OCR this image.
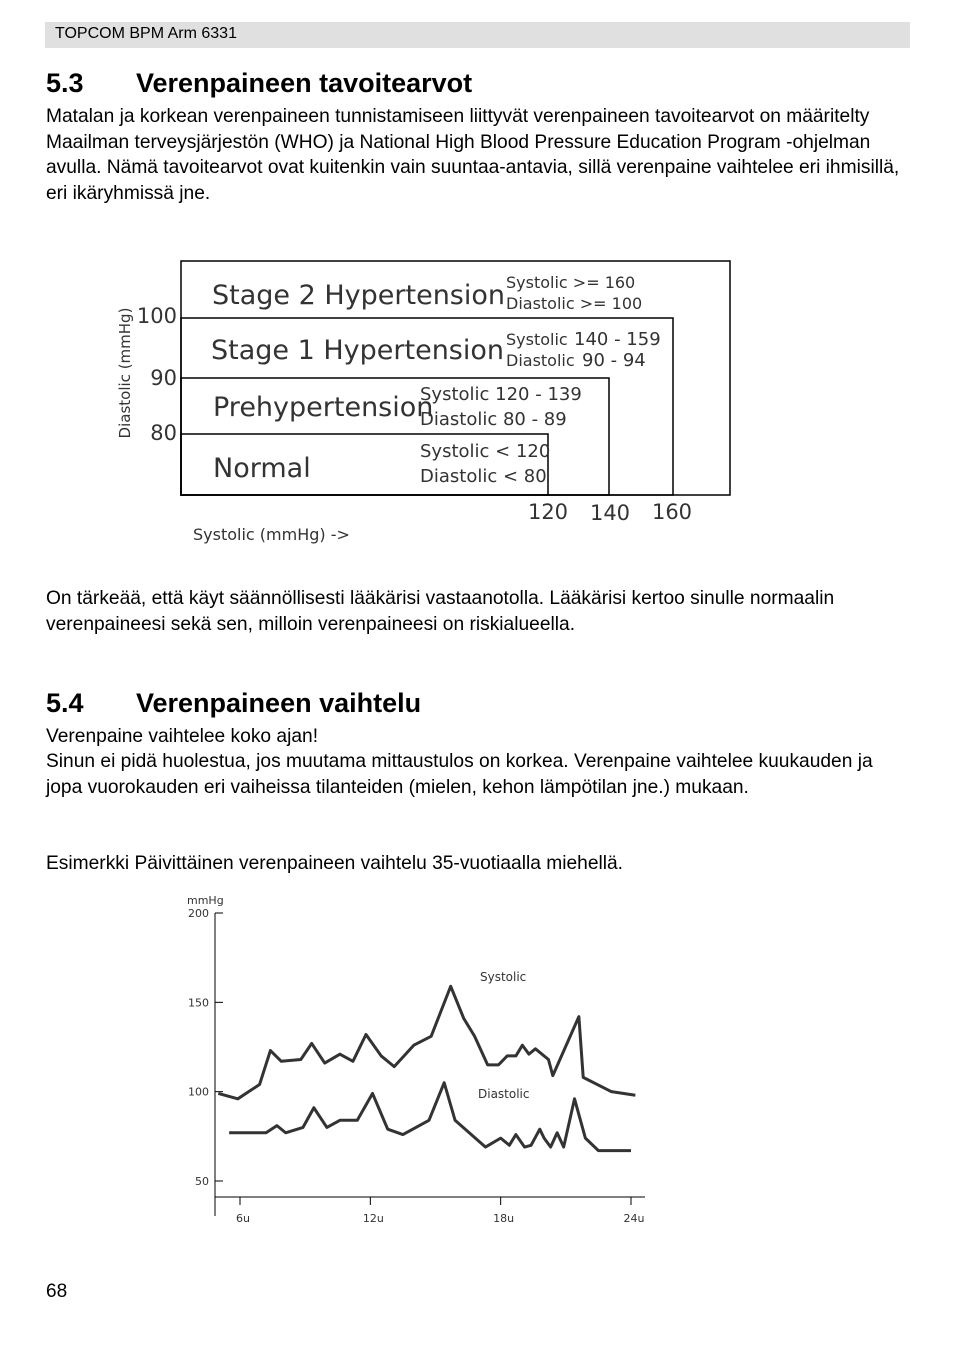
TOPCOM BPM Arm 6331
5.3 Verenpaineen tavoitearvot

Matalan ja korkean verenpaineen tunnistamiseen liittyvät verenpaineen tavoitearvot on määritelty Maailman terveysjärjestön (WHO) ja National High Blood Pressure Education Program -ohjelman avulla. Nämä tavoitearvot ovat kuitenkin vain suuntaa-antavia, sillä verenpaine vaihtelee eri ihmisillä, eri ikäryhmissä jne.

Stage 2 Hypertension
Stage 1 Hypertension
Prehypertension
Normal
Systolic >= 160
Diastolic >= 100
Systolic 140 - 159
Diastolic 90 - 94
Systolic 120 - 139
Diastolic 80 - 89
Systolic < 120
Diastolic < 80
100
90
80
120 140 160
Systolic (mmHg) ->
Diastolic (mmHg)

On tärkeää, että käyt säännöllisesti lääkärisi vastaanotolla. Lääkärisi kertoo sinulle normaalin verenpaineesi sekä sen, milloin verenpaineesi on riskialueella.

5.4 Verenpaineen vaihtelu

Verenpaine vaihtelee koko ajan!

Sinun ei pidä huolestua, jos muutama mittaustulos on korkea. Verenpaine vaihtelee kuukauden ja jopa vuorokauden eri vaiheissa tilanteiden (mielen, kehon lämpötilan jne.) mukaan.

Esimerkki Päivittäinen verenpaineen vaihtelu 35-vuotiaalla miehellä.

mmHg
200
150
100
50
6u	12u	18u	24u
Systolic
Diastolic
68
